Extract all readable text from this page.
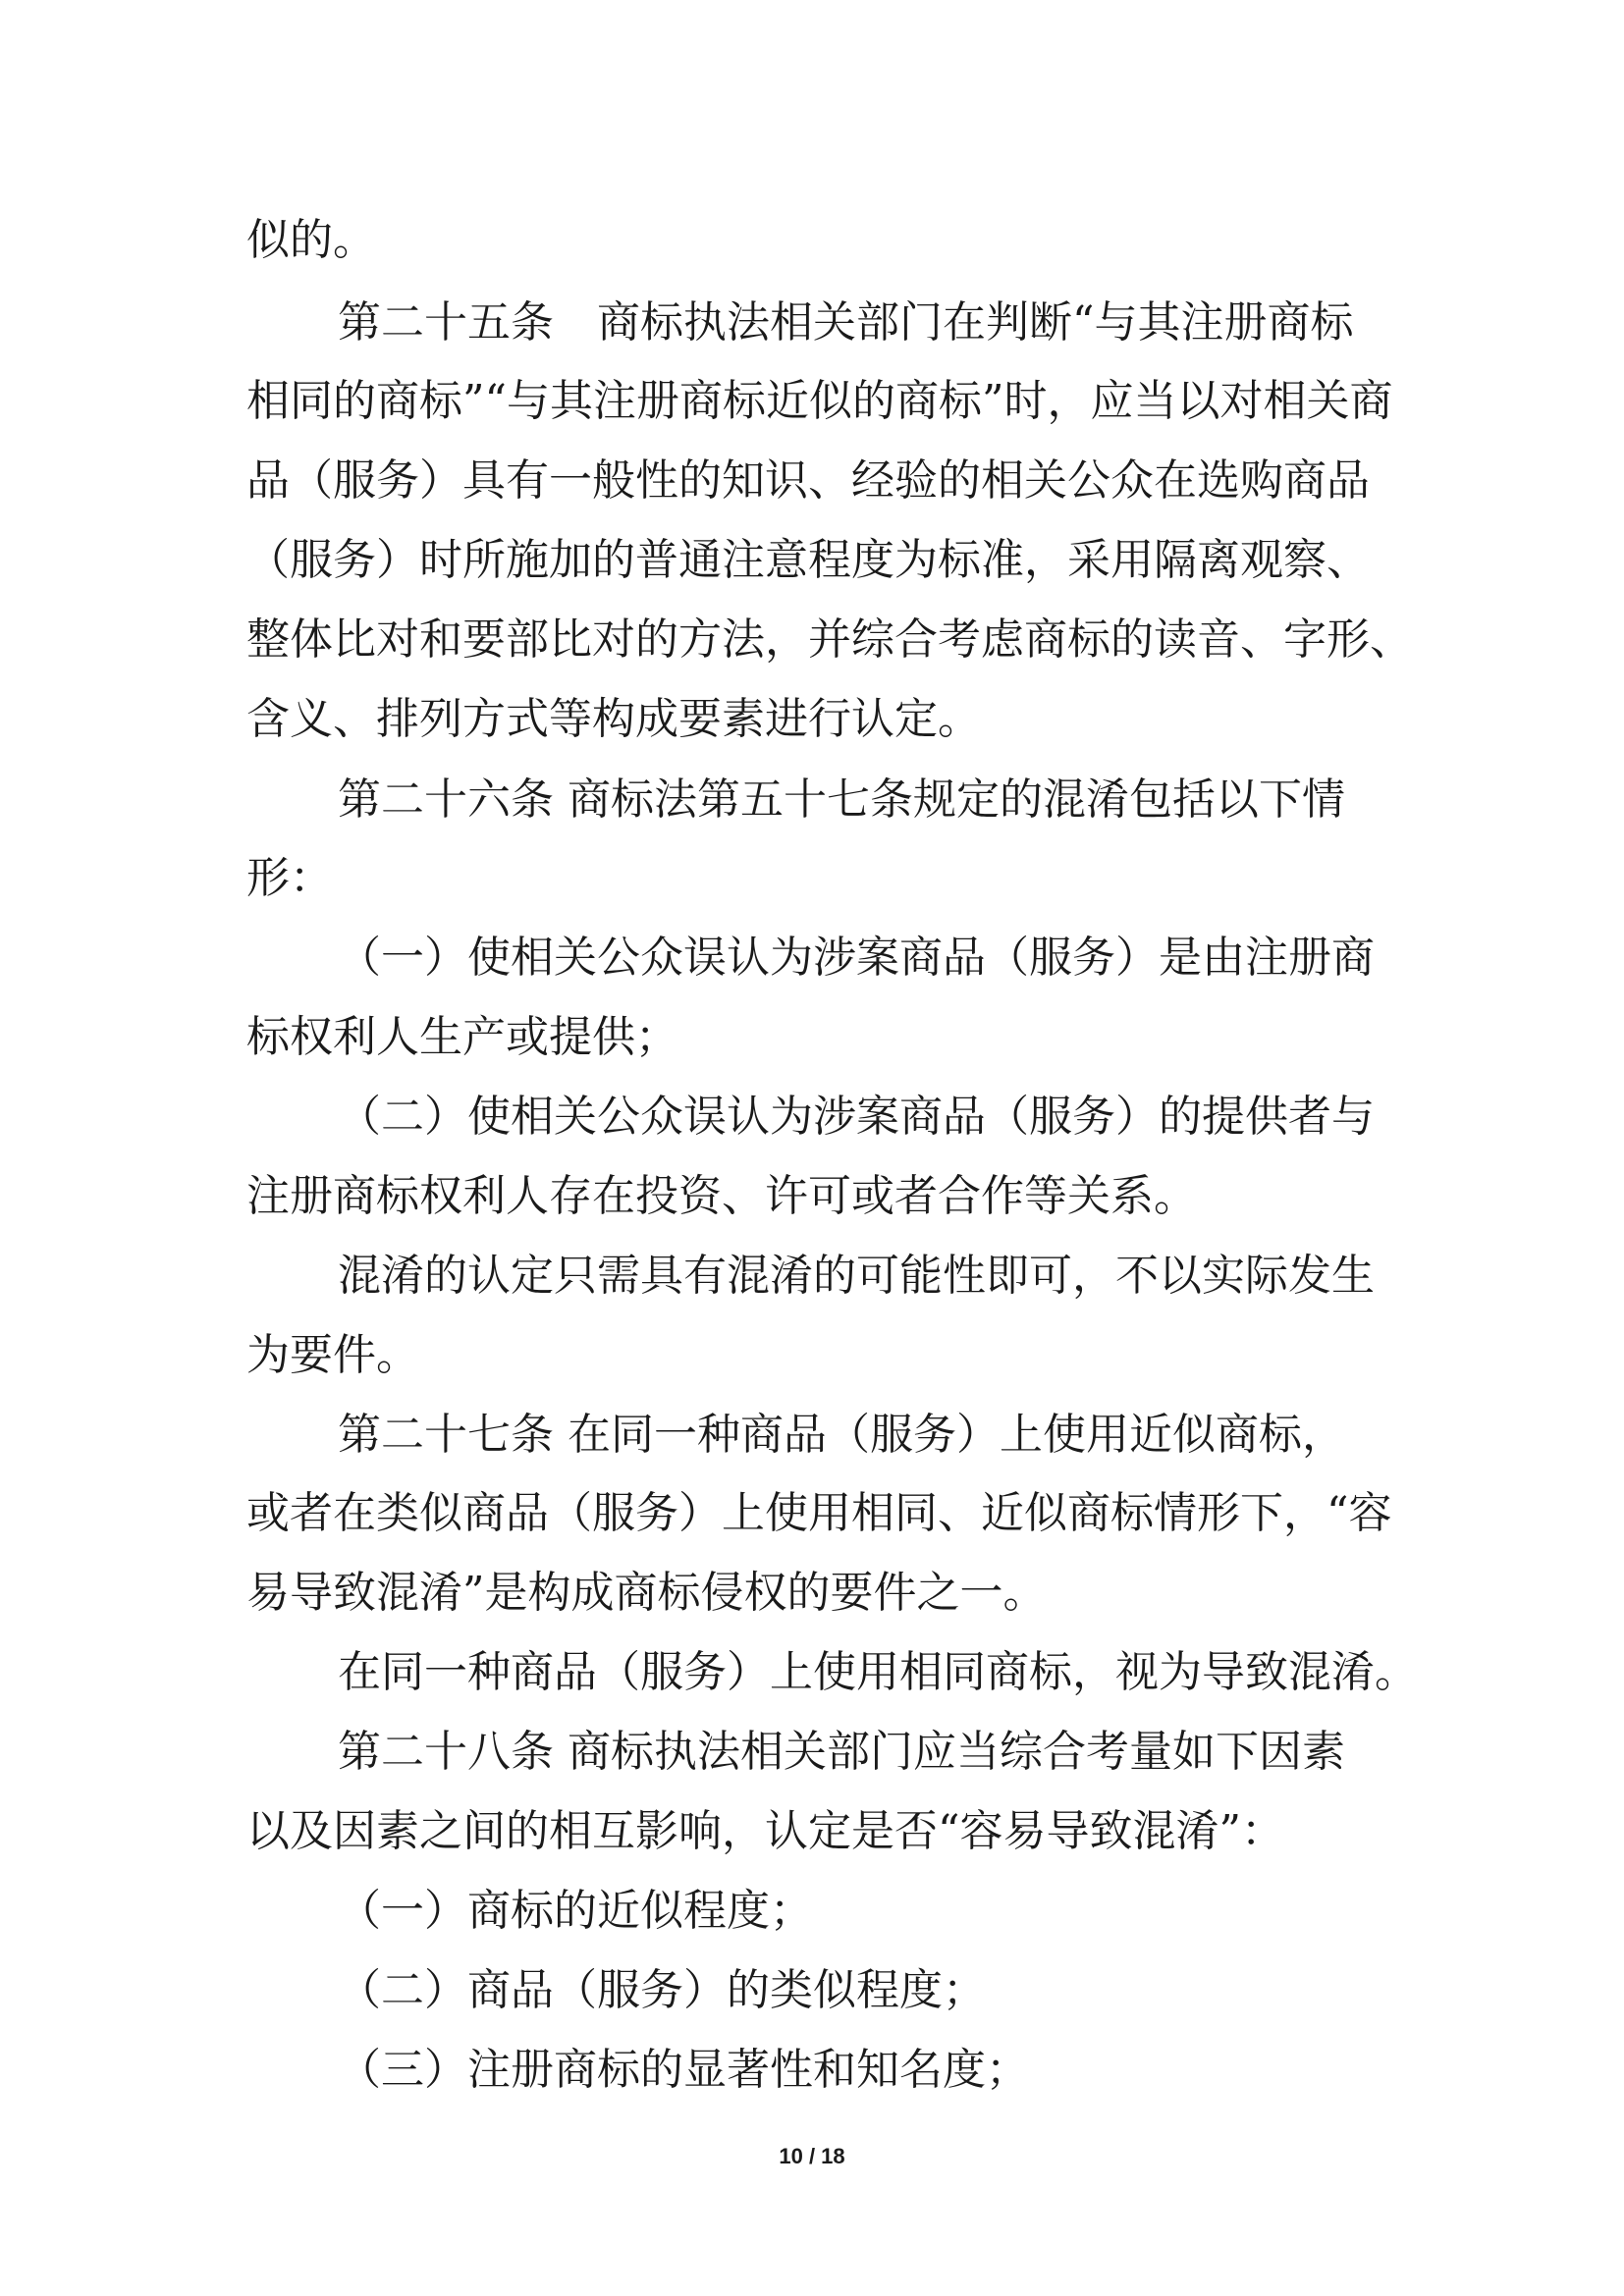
似的。
第二十五条　商标执法相关部门在判断“与其注册商标
相同的商标”“与其注册商标近似的商标”时，应当以对相关商
品（服务）具有一般性的知识、经验的相关公众在选购商品
（服务）时所施加的普通注意程度为标准，采用隔离观察、
整体比对和要部比对的方法，并综合考虑商标的读音、字形、
含义、排列方式等构成要素进行认定。
第二十六条 商标法第五十七条规定的混淆包括以下情
形：
（一）使相关公众误认为涉案商品（服务）是由注册商
标权利人生产或提供；
（二）使相关公众误认为涉案商品（服务）的提供者与
注册商标权利人存在投资、许可或者合作等关系。
混淆的认定只需具有混淆的可能性即可，不以实际发生
为要件。
第二十七条 在同一种商品（服务）上使用近似商标，
或者在类似商品（服务）上使用相同、近似商标情形下，“容
易导致混淆”是构成商标侵权的要件之一。
在同一种商品（服务）上使用相同商标，视为导致混淆。
第二十八条 商标执法相关部门应当综合考量如下因素
以及因素之间的相互影响，认定是否“容易导致混淆”：
（一）商标的近似程度；
（二）商品（服务）的类似程度；
（三）注册商标的显著性和知名度；
10 / 18
